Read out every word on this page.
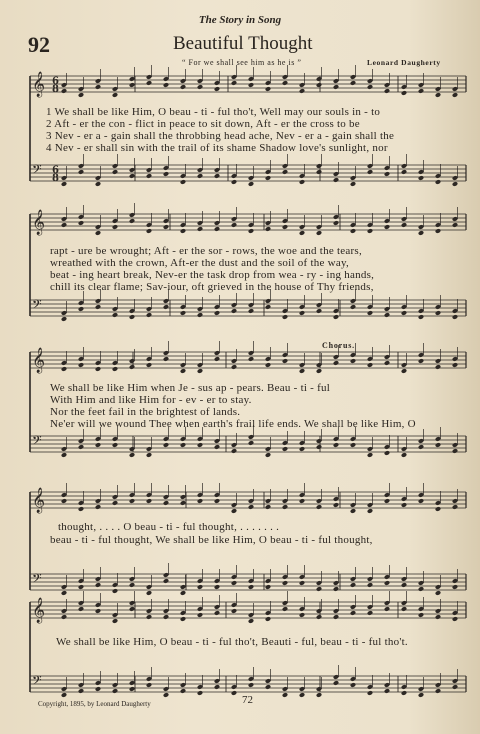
The Story in Song
92	Beautiful Thought
“ For we shall see him as he is ”	Leonard Daugherty
𝄞
𝄢
6
8
6
8
𝄞
𝄢
𝄞
𝄢
𝄞
𝄢
𝄞
𝄢
1 We shall be like Him, O beau - ti - ful tho't, Well may our souls in - to
2 Aft - er the con - flict in peace to sit down, Aft - er the cross to be
3 Nev - er a - gain shall the throbbing head ache, Nev - er a - gain shall the
4 Nev - er shall sin with the trail of its shame Shadow love's sunlight, nor
rapt - ure be wrought; Aft - er the sor - rows, the woe and the tears,
wreathed with the crown, Aft-er the dust and the soil of the way,
beat - ing heart break, Nev-er the task drop from wea - ry - ing hands,
chill its clear flame; Sav-iour, oft grieved in the house of Thy friends,
Chorus.
We shall be like Him when Je - sus ap - pears. Beau - ti - ful
With Him and like Him for - ev - er to stay.
Nor the feet fail in the brightest of lands.
Ne'er will we wound Thee when earth's frail life ends. We shall be like Him, O
thought, . . . . O beau - ti - ful thought, . . . . . . .
beau - ti - ful thought, We shall be like Him, O beau - ti - ful thought,
We shall be like Him, O beau - ti - ful tho't, Beauti - ful, beau - ti - ful tho't.
Copyright, 1895, by Leonard Daugherty	72
